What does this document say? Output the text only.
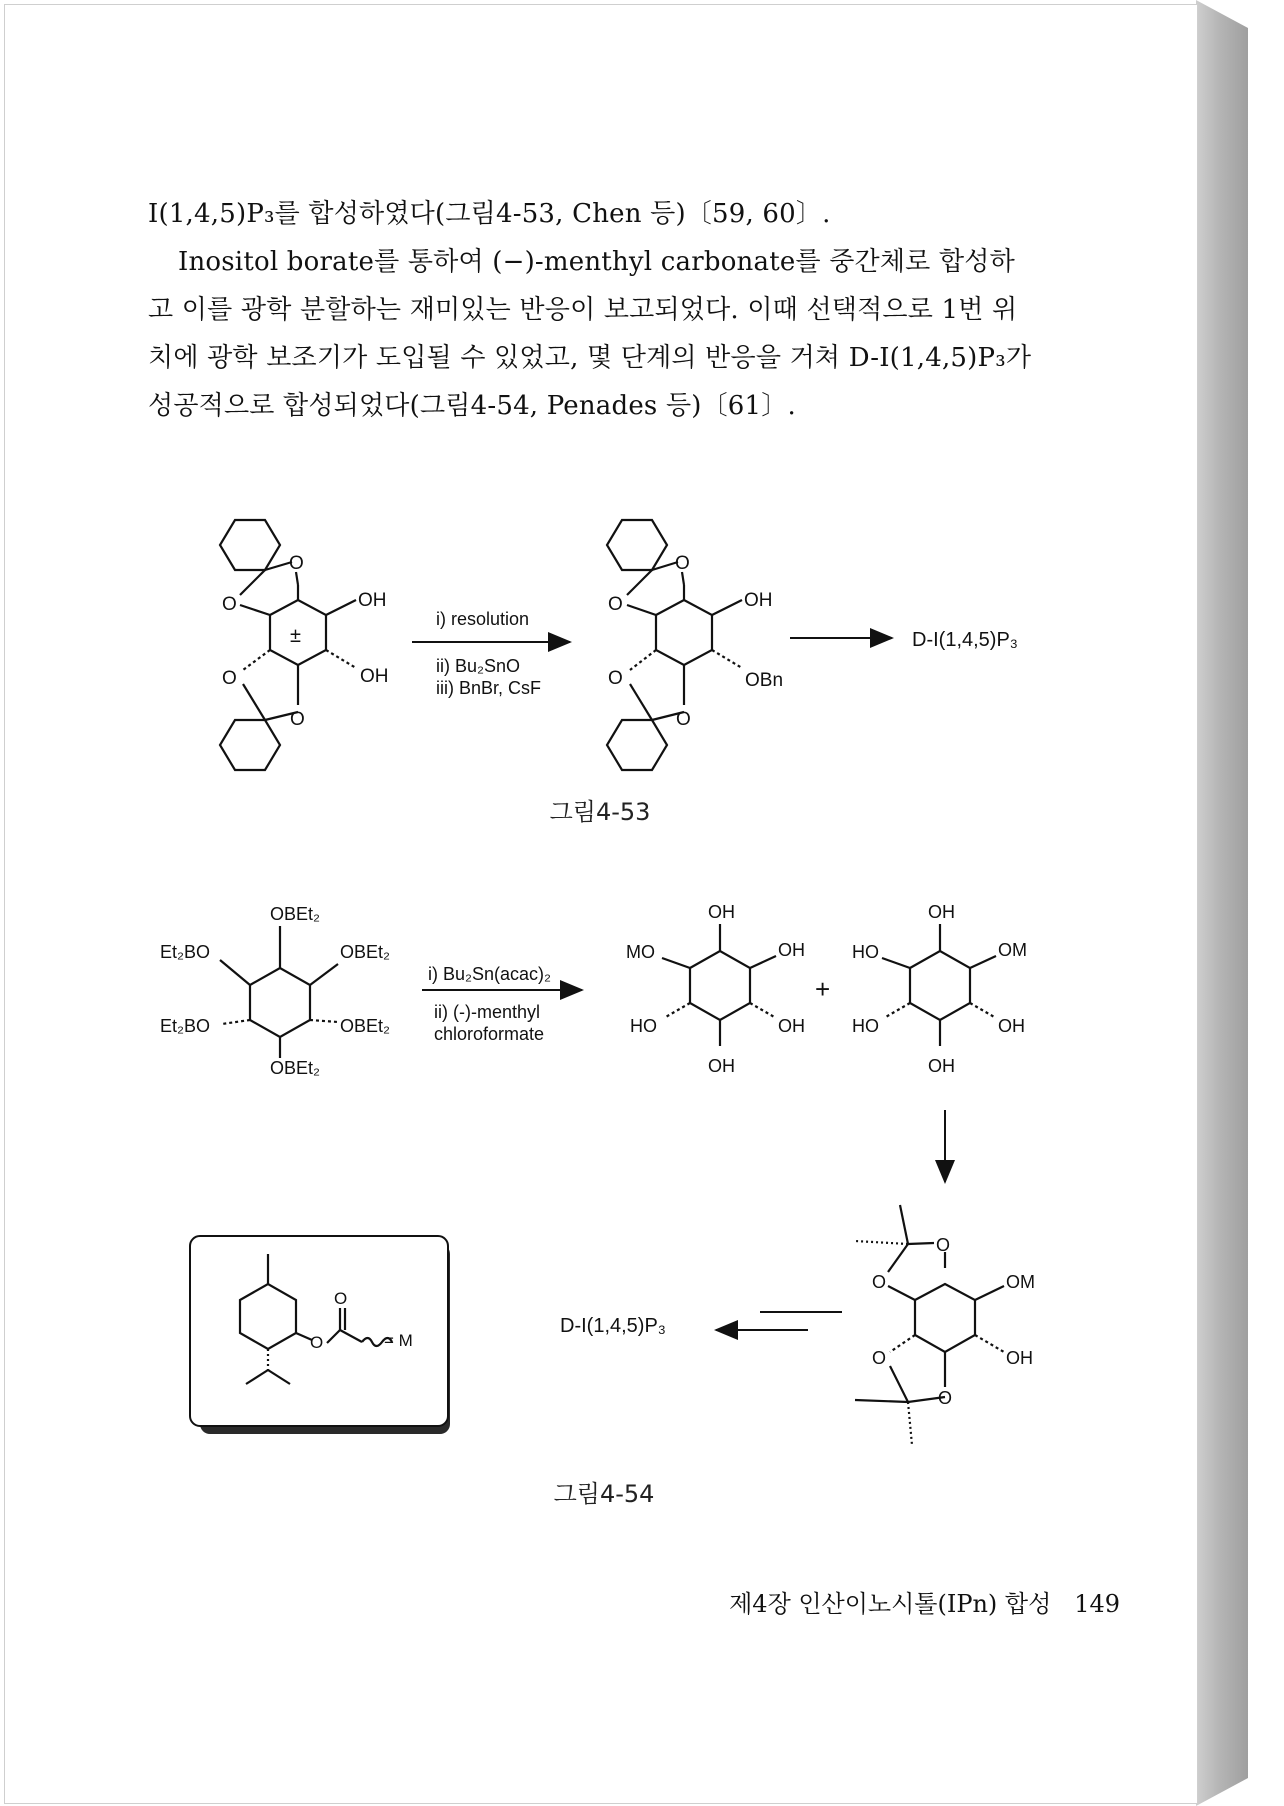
I(1,4,5)P₃를 합성하였다(그림4-53, Chen 등)〔59, 60〕.

Inositol borate를 통하여 (−)-menthyl carbonate를 중간체로 합성하고 이를 광학 분할하는 재미있는 반응이 보고되었다. 이때 선택적으로 1번 위치에 광학 보조기가 도입될 수 있었고, 몇 단계의 반응을 거쳐 D-I(1,4,5)P₃가 성공적으로 합성되었다(그림4-54, Penades 등)〔61〕.

O
O
±
OH
OH
O
O
i) resolution
ii) Bu₂SnO
iii) BnBr, CsF
O
O	OH
OBn
O
O
D-I(1,4,5)P₃
OBEt₂
Et₂BO	OBEt₂
Et₂BO	OBEt₂
OBEt₂
i) Bu₂Sn(acac)₂
ii) (-)-menthyl
chloroformate
OH
MO	OH
HO	OH
OH
+
OH
HO	OM
HO	OH
OH
O
O	OM
OH
O
O
D-I(1,4,5)P₃
O
O	= M
그림4-53
그림4-54
제4장 인산이노시톨(IPn) 합성 149
